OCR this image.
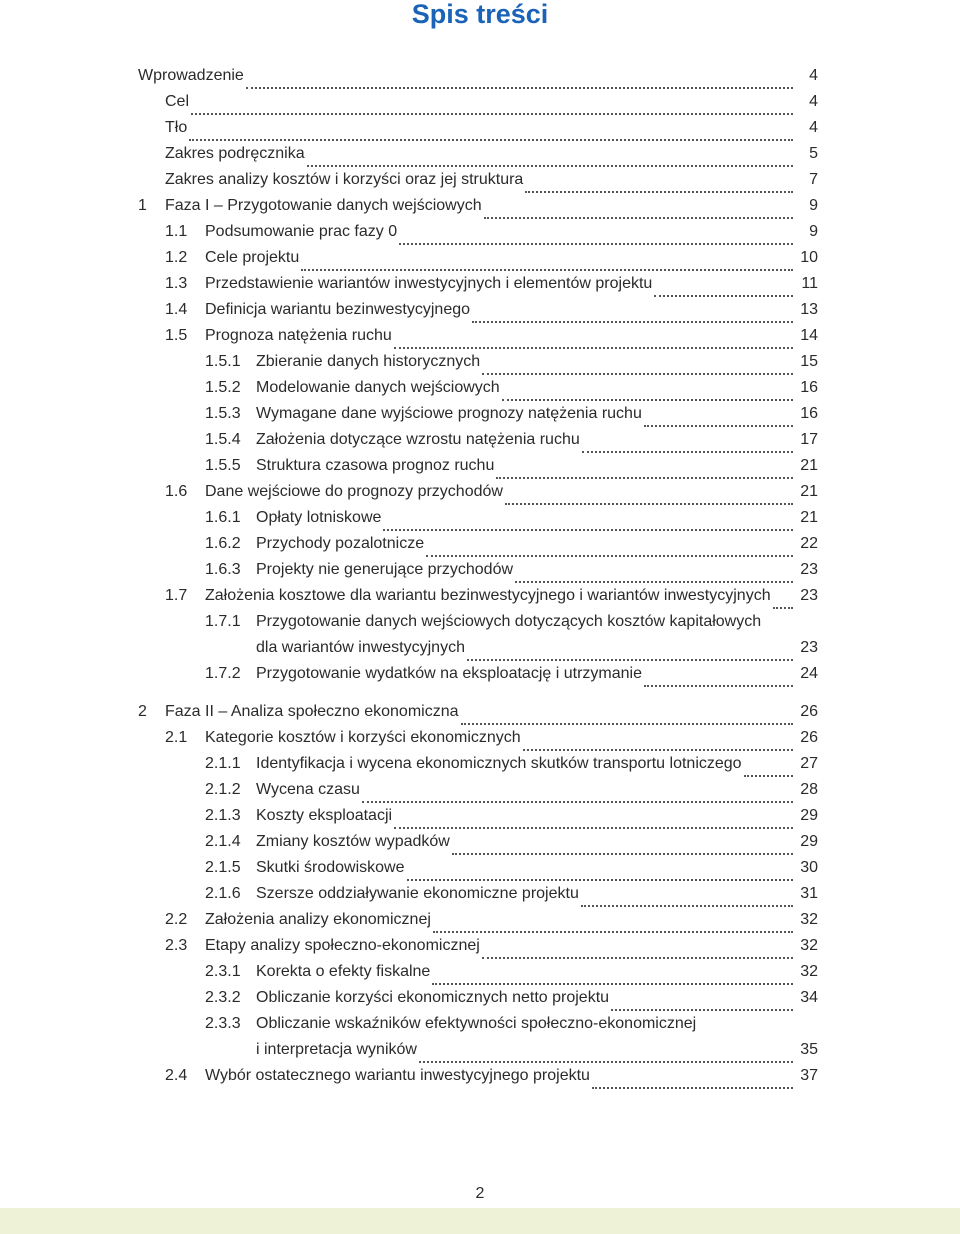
Spis treści
Wprowadzenie	4
Cel	4
Tło	4
Zakres podręcznika	5
Zakres analizy kosztów i korzyści oraz jej struktura	7
1 Faza I – Przygotowanie danych wejściowych	9
1.1 Podsumowanie prac fazy 0	9
1.2 Cele projektu	10
1.3 Przedstawienie wariantów inwestycyjnych i elementów projektu	11
1.4 Definicja wariantu bezinwestycyjnego	13
1.5 Prognoza natężenia ruchu	14
1.5.1 Zbieranie danych historycznych	15
1.5.2 Modelowanie danych wejściowych	16
1.5.3 Wymagane dane wyjściowe prognozy natężenia ruchu	16
1.5.4 Założenia dotyczące wzrostu natężenia ruchu	17
1.5.5 Struktura czasowa prognoz ruchu	21
1.6 Dane wejściowe do prognozy przychodów	21
1.6.1 Opłaty lotniskowe	21
1.6.2 Przychody pozalotnicze	22
1.6.3 Projekty nie generujące przychodów	23
1.7 Założenia kosztowe dla wariantu bezinwestycyjnego i wariantów inwestycyjnych 23
1.7.1 Przygotowanie danych wejściowych dotyczących kosztów kapitałowych
dla wariantów inwestycyjnych	23
1.7.2 Przygotowanie wydatków na eksploatację i utrzymanie	24
2 Faza II – Analiza społeczno ekonomiczna	26
2.1 Kategorie kosztów i korzyści ekonomicznych	26
2.1.1 Identyfikacja i wycena ekonomicznych skutków transportu lotniczego	27
2.1.2 Wycena czasu	28
2.1.3 Koszty eksploatacji	29
2.1.4 Zmiany kosztów wypadków	29
2.1.5 Skutki środowiskowe	30
2.1.6 Szersze oddziaływanie ekonomiczne projektu	31
2.2 Założenia analizy ekonomicznej	32
2.3 Etapy analizy społeczno-ekonomicznej	32
2.3.1 Korekta o efekty fiskalne	32
2.3.2 Obliczanie korzyści ekonomicznych netto projektu	34
2.3.3 Obliczanie wskaźników efektywności społeczno-ekonomicznej
i interpretacja wyników	35
2.4 Wybór ostatecznego wariantu inwestycyjnego projektu	37
2
